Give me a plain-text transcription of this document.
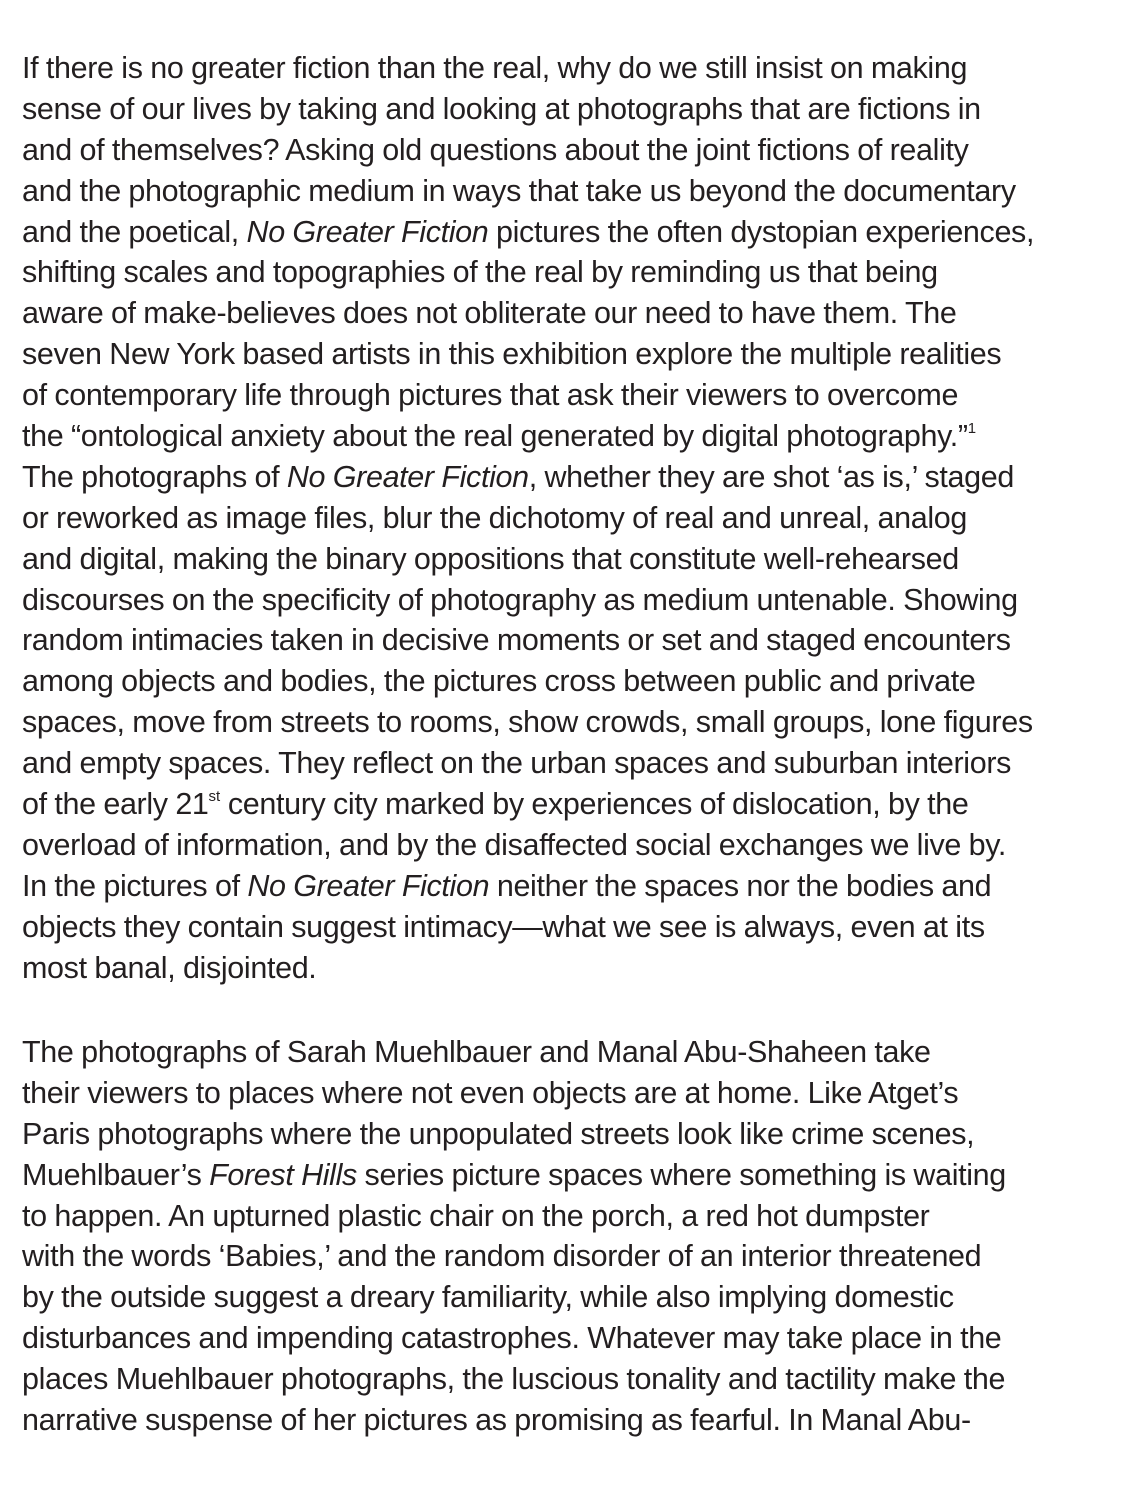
If there is no greater fiction than the real, why do we still insist on making
sense of our lives by taking and looking at photographs that are fictions in
and of themselves? Asking old questions about the joint fictions of reality
and the photographic medium in ways that take us beyond the documentary
and the poetical, No Greater Fiction pictures the often dystopian experiences,
shifting scales and topographies of the real by reminding us that being
aware of make-believes does not obliterate our need to have them. The
seven New York based artists in this exhibition explore the multiple realities
of contemporary life through pictures that ask their viewers to overcome
the “ontological anxiety about the real generated by digital photography.”$^1$
The photographs of No Greater Fiction, whether they are shot ‘as is,’ staged
or reworked as image files, blur the dichotomy of real and unreal, analog
and digital, making the binary oppositions that constitute well-rehearsed
discourses on the specificity of photography as medium untenable. Showing
random intimacies taken in decisive moments or set and staged encounters
among objects and bodies, the pictures cross between public and private
spaces, move from streets to rooms, show crowds, small groups, lone figures
and empty spaces. They reflect on the urban spaces and suburban interiors
of the early 21st century city marked by experiences of dislocation, by the
overload of information, and by the disaffected social exchanges we live by.
In the pictures of No Greater Fiction neither the spaces nor the bodies and
objects they contain suggest intimacy—what we see is always, even at its
most banal, disjointed.
The photographs of Sarah Muehlbauer and Manal Abu-Shaheen take
their viewers to places where not even objects are at home. Like Atget’s
Paris photographs where the unpopulated streets look like crime scenes,
Muehlbauer’s Forest Hills series picture spaces where something is waiting
to happen. An upturned plastic chair on the porch, a red hot dumpster
with the words ‘Babies,’ and the random disorder of an interior threatened
by the outside suggest a dreary familiarity, while also implying domestic
disturbances and impending catastrophes. Whatever may take place in the
places Muehlbauer photographs, the luscious tonality and tactility make the
narrative suspense of her pictures as promising as fearful. In Manal Abu-
